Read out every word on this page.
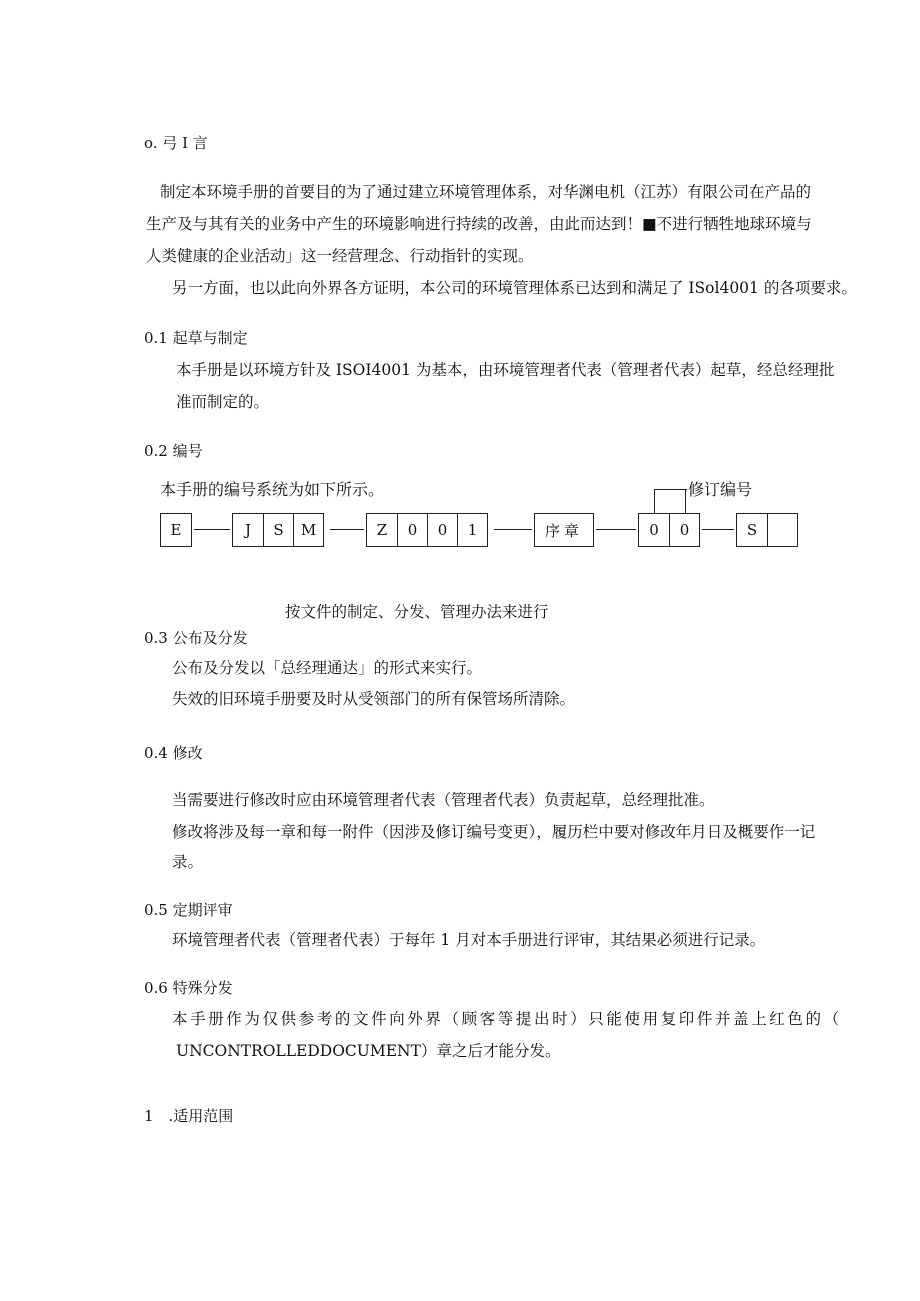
o. 弓 I 言
制定本环境手册的首要目的为了通过建立环境管理体系，对华渊电机（江苏）有限公司在产品的
生产及与其有关的业务中产生的环境影响进行持续的改善，由此而达到！■不进行牺牲地球环境与
人类健康的企业活动」这一经营理念、行动指针的实现。
另一方面，也以此向外界各方证明，本公司的环境管理体系已达到和满足了 ISol4001 的各项要求。
0.1 起草与制定
本手册是以环境方针及 ISOI4001 为基本，由环境管理者代表（管理者代表）起草，经总经理批
准而制定的。
0.2 编号
本手册的编号系统为如下所示。	修订编号
E	J	S	M	Z	0	0	1	序章	0	0	S
按文件的制定、分发、管理办法来进行
0.3 公布及分发
公布及分发以「总经理通达」的形式来实行。
失效的旧环境手册要及时从受领部门的所有保管场所清除。
0.4 修改
当需要进行修改时应由环境管理者代表（管理者代表）负责起草，总经理批准。
修改将涉及每一章和每一附件（因涉及修订编号变更），履历栏中要对修改年月日及概要作一记
录。
0.5 定期评审
环境管理者代表（管理者代表）于每年 1 月对本手册进行评审，其结果必须进行记录。
0.6 特殊分发
本手册作为仅供参考的文件向外界（顾客等提出时）只能使用复印件并盖上红色的（
UNCONTROLLEDDOCUMENT）章之后才能分发。
1　.适用范围
